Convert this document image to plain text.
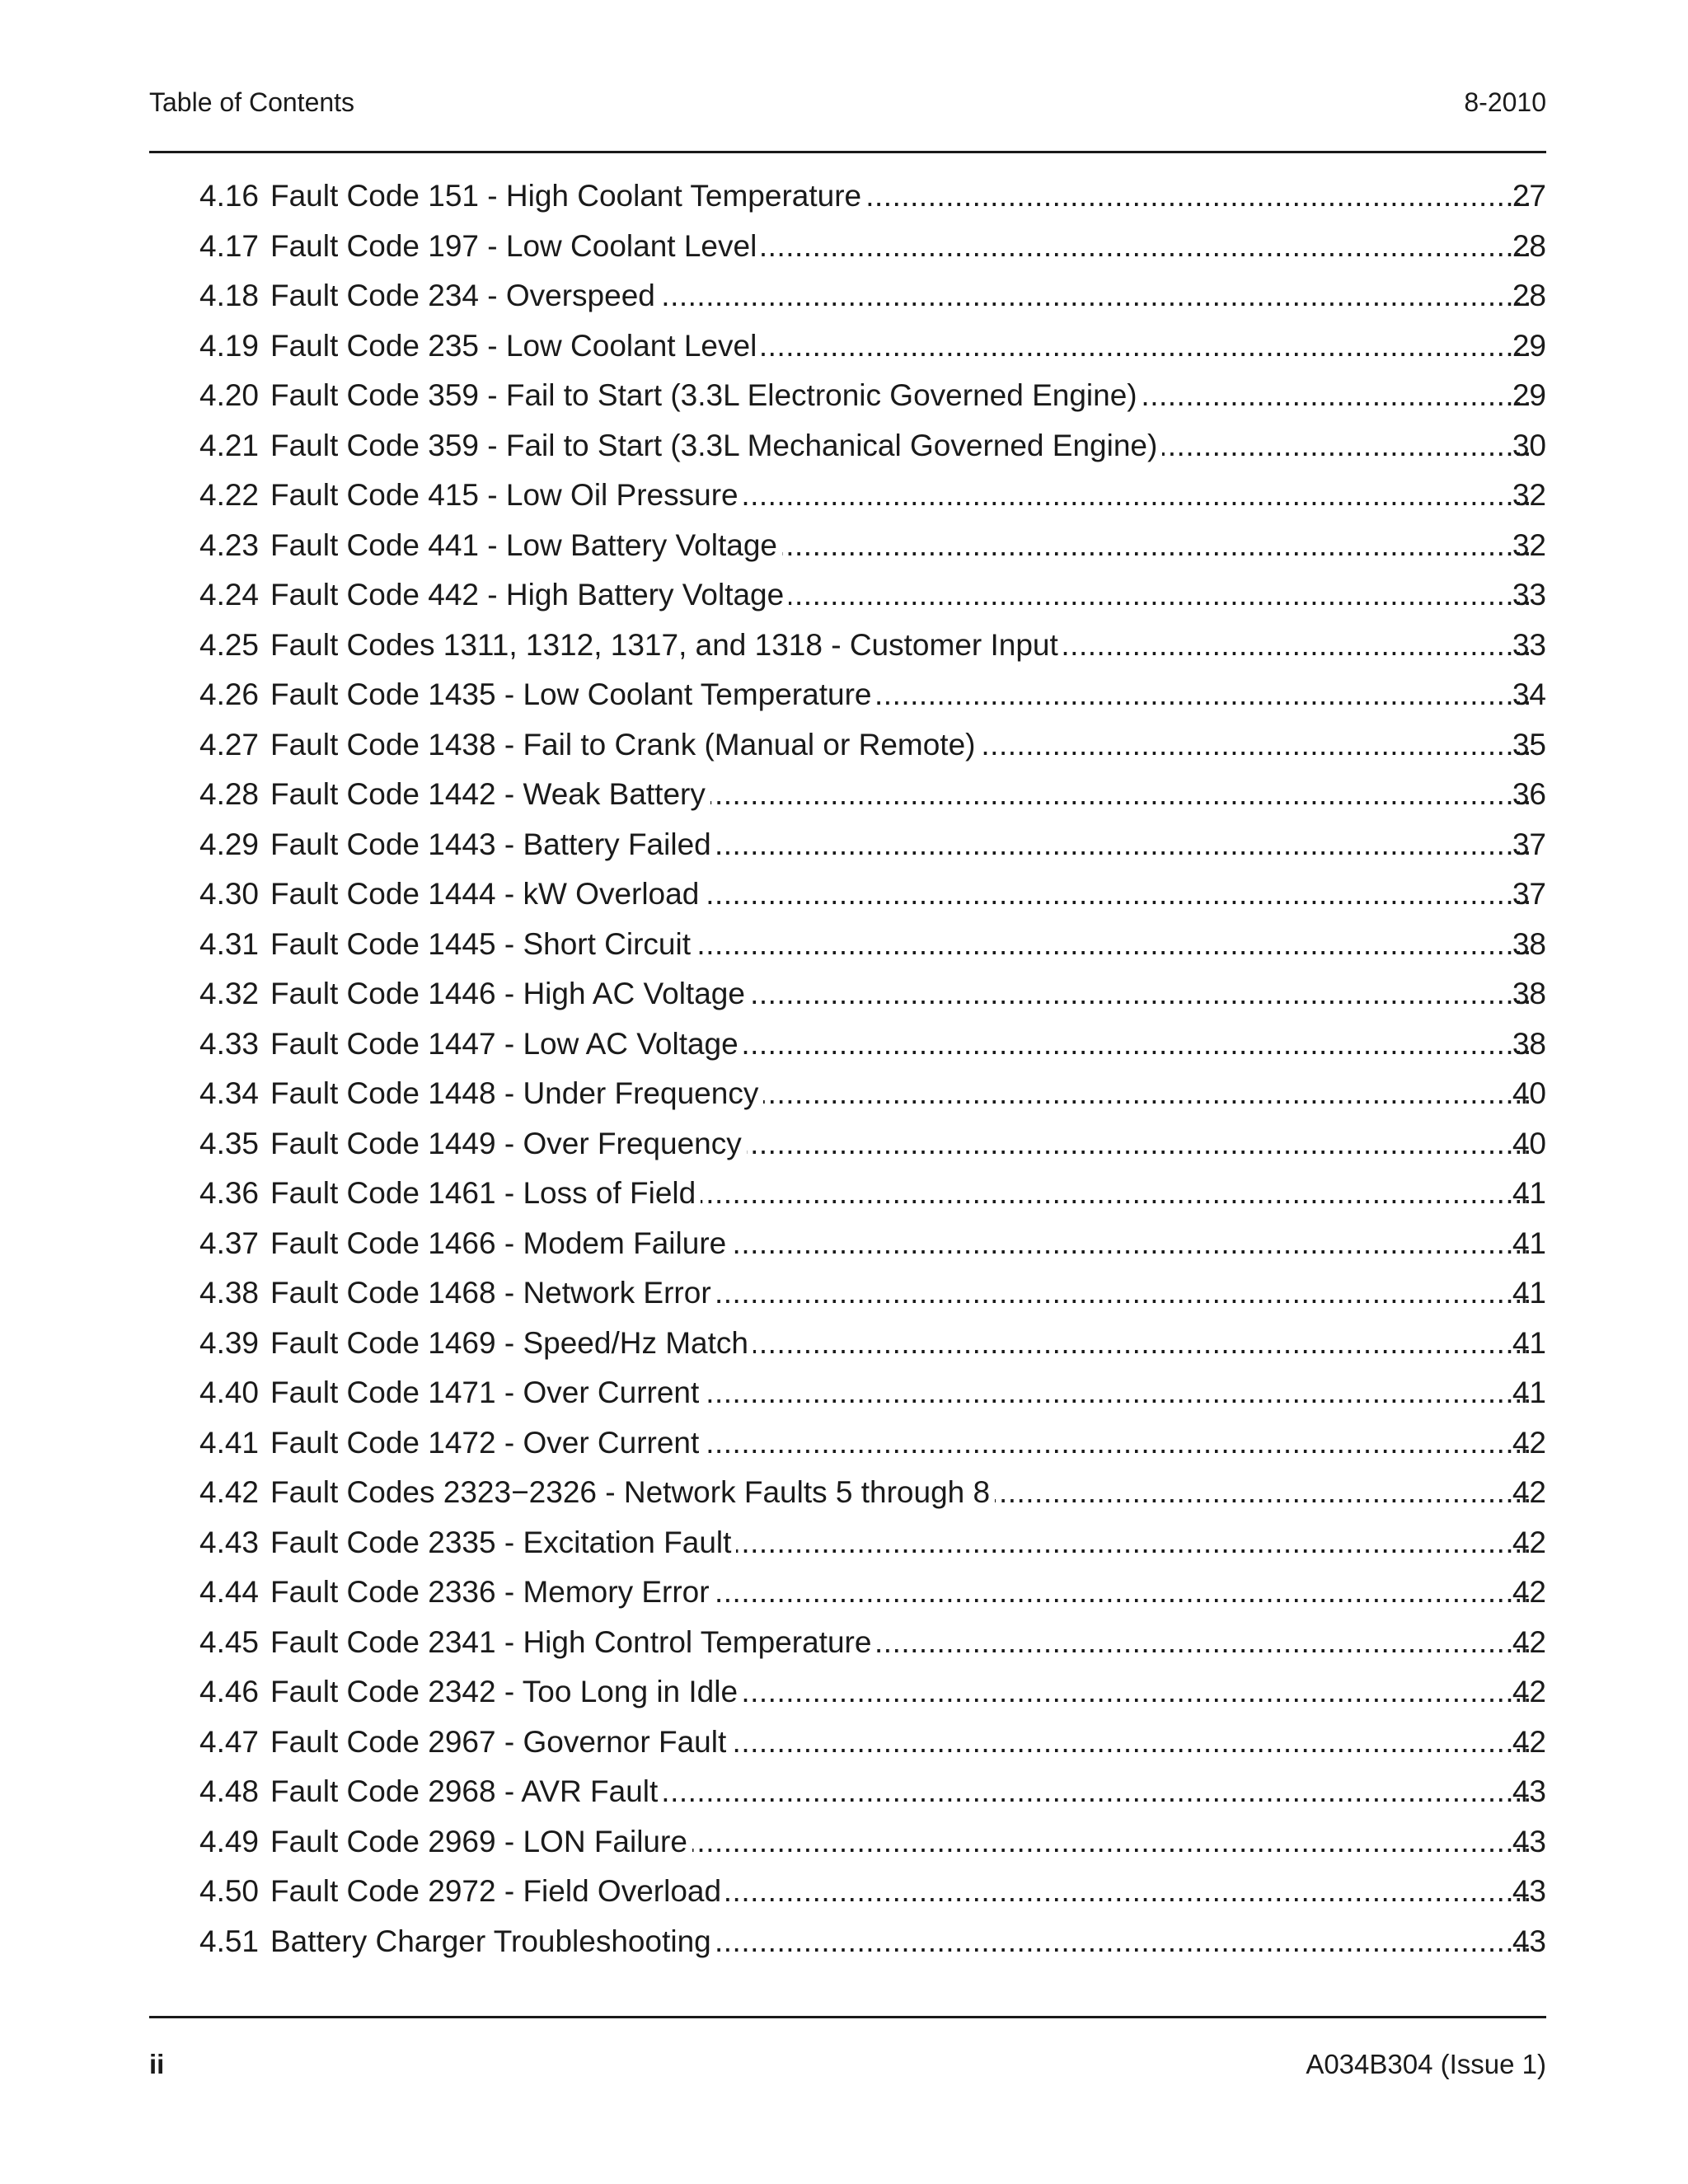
Table of Contents	8-2010
4.16 Fault Code 151 - High Coolant Temperature .....	27
4.17 Fault Code 197 - Low Coolant Level .....	28
4.18 Fault Code 234 - Overspeed .....	28
4.19 Fault Code 235 - Low Coolant Level .....	29
4.20 Fault Code 359 - Fail to Start (3.3L Electronic Governed Engine) .....	29
4.21 Fault Code 359 - Fail to Start (3.3L Mechanical Governed Engine) .....	30
4.22 Fault Code 415 - Low Oil Pressure .....	32
4.23 Fault Code 441 - Low Battery Voltage .....	32
4.24 Fault Code 442 - High Battery Voltage .....	33
4.25 Fault Codes 1311, 1312, 1317, and 1318 - Customer Input .....	33
4.26 Fault Code 1435 - Low Coolant Temperature .....	34
4.27 Fault Code 1438 - Fail to Crank (Manual or Remote) .....	35
4.28 Fault Code 1442 - Weak Battery .....	36
4.29 Fault Code 1443 - Battery Failed .....	37
4.30 Fault Code 1444 - kW Overload .....	37
4.31 Fault Code 1445 - Short Circuit .....	38
4.32 Fault Code 1446 - High AC Voltage .....	38
4.33 Fault Code 1447 - Low AC Voltage .....	38
4.34 Fault Code 1448 - Under Frequency .....	40
4.35 Fault Code 1449 - Over Frequency .....	40
4.36 Fault Code 1461 - Loss of Field .....	41
4.37 Fault Code 1466 - Modem Failure .....	41
4.38 Fault Code 1468 - Network Error .....	41
4.39 Fault Code 1469 - Speed/Hz Match .....	41
4.40 Fault Code 1471 - Over Current .....	41
4.41 Fault Code 1472 - Over Current .....	42
4.42 Fault Codes 2323−2326 - Network Faults 5 through 8 .....	42
4.43 Fault Code 2335 - Excitation Fault .....	42
4.44 Fault Code 2336 - Memory Error .....	42
4.45 Fault Code 2341 - High Control Temperature .....	42
4.46 Fault Code 2342 - Too Long in Idle .....	42
4.47 Fault Code 2967 - Governor Fault .....	42
4.48 Fault Code 2968 - AVR Fault .....	43
4.49 Fault Code 2969 - LON Failure .....	43
4.50 Fault Code 2972 - Field Overload .....	43
4.51 Battery Charger Troubleshooting .....	43
ii	A034B304 (Issue 1)
